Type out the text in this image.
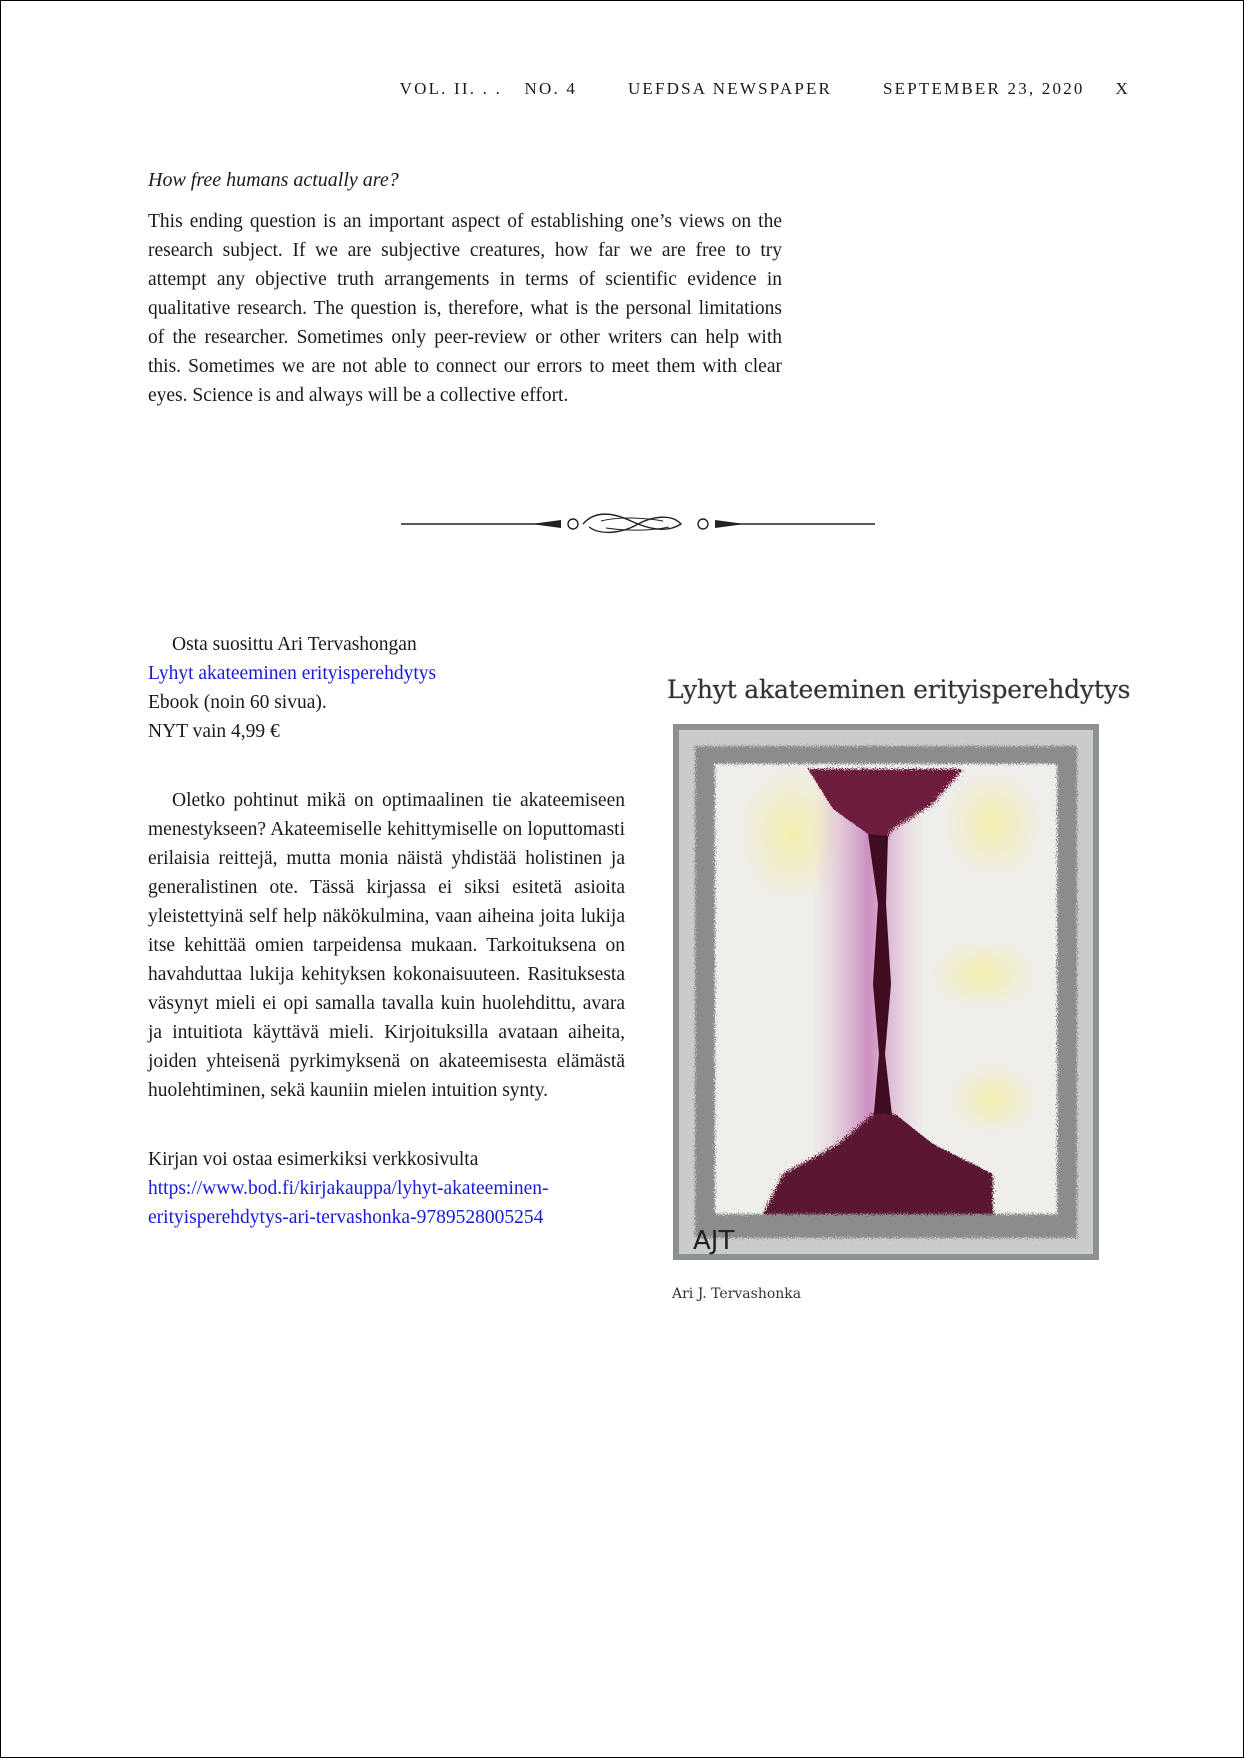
VOL. II. . . NO. 4	UEFDSA NEWSPAPER	SEPTEMBER 23, 2020 X

How free humans actually are?

This ending question is an important aspect of establishing one’s views on the research subject. If we are subjective creatures, how far we are free to try attempt any objective truth arrangements in terms of scientific evidence in qualitative research. The question is, therefore, what is the personal limitations of the researcher. Sometimes only peer-review or other writers can help with this. Sometimes we are not able to connect our errors to meet them with clear eyes. Science is and always will be a collective effort.

Osta suosittu Ari Tervashongan
Lyhyt akateeminen erityisperehdytys
Ebook (noin 60 sivua).
NYT vain 4,99 €

Oletko pohtinut mikä on optimaalinen tie akateemiseen menestykseen? Akateemiselle kehittymiselle on loputtomasti erilaisia reittejä, mutta monia näistä yhdistää holistinen ja generalistinen ote. Tässä kirjassa ei siksi esitetä asioita yleistettyinä self help näkökulmina, vaan aiheina joita lukija itse kehittää omien tarpeidensa mukaan. Tarkoituksena on havahduttaa lukija kehityksen kokonaisuuteen. Rasituksesta väsynyt mieli ei opi samalla tavalla kuin huolehdittu, avara ja intuitiota käyttävä mieli. Kirjoituksilla avataan aiheita, joiden yhteisenä pyrkimyksenä on akateemisesta elämästä huolehtiminen, sekä kauniin mielen intuition synty.

Kirjan voi ostaa esimerkiksi verkkosivulta
https://www.bod.fi/kirjakauppa/lyhyt-akateeminen-
erityisperehdytys-ari-tervashonka-9789528005254

Lyhyt akateeminen erityisperehdytys
AJT
Ari J. Tervashonka
